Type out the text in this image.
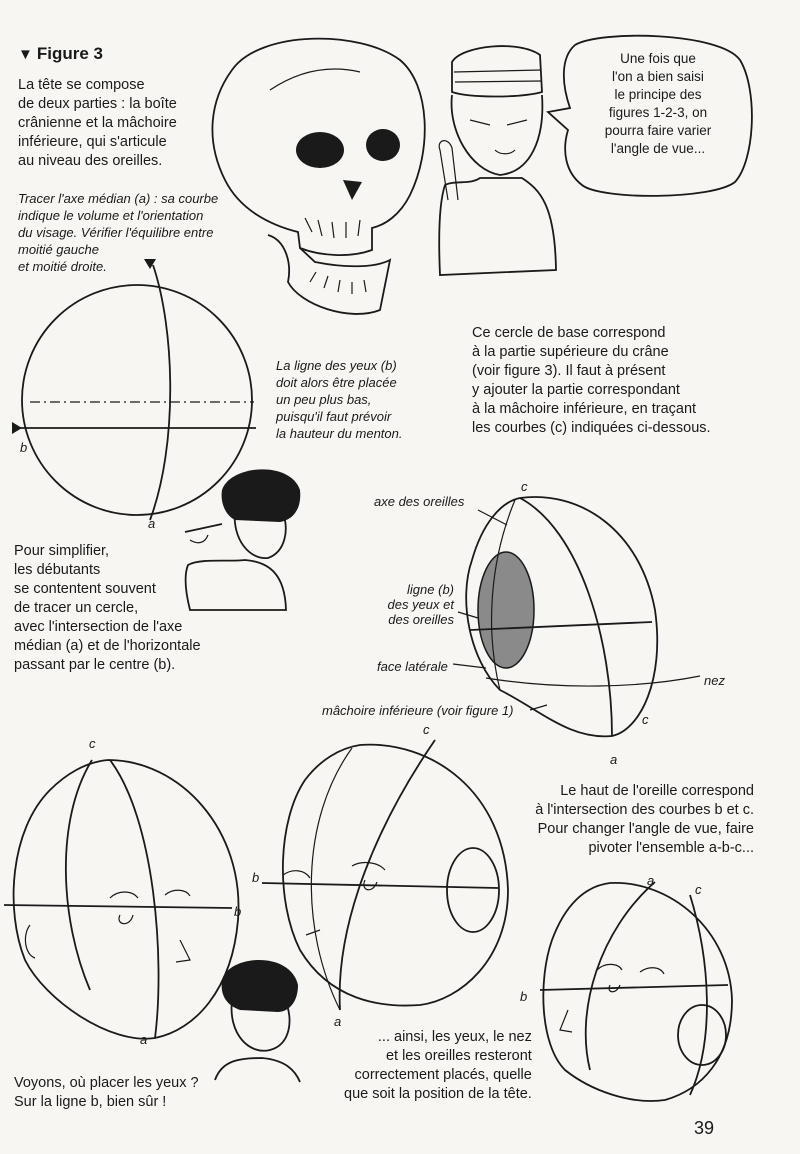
▼ Figure 3
La tête se compose
de deux parties : la boîte
crânienne et la mâchoire
inférieure, qui s'articule
au niveau des oreilles.
Une fois que
l'on a bien saisi
le principe des
figures 1-2-3, on
pourra faire varier
l'angle de vue...
Tracer l'axe médian (a) : sa courbe
indique le volume et l'orientation
du visage. Vérifier l'équilibre entre
moitié gauche
et moitié droite.
La ligne des yeux (b)
doit alors être placée
un peu plus bas,
puisqu'il faut prévoir
la hauteur du menton.
Ce cercle de base correspond
à la partie supérieure du crâne
(voir figure 3). Il faut à présent
y ajouter la partie correspondant
à la mâchoire inférieure, en traçant
les courbes (c) indiquées ci-dessous.
Pour simplifier,
les débutants
se contentent souvent
de tracer un cercle,
avec l'intersection de l'axe
médian (a) et de l'horizontale
passant par le centre (b).
b
a
axe des oreilles
c
ligne (b)
des yeux et
des oreilles
face latérale
nez
mâchoire inférieure (voir figure 1)
c
a
Le haut de l'oreille correspond
à l'intersection des courbes b et c.
Pour changer l'angle de vue, faire
pivoter l'ensemble a-b-c...
c
b
a
c
b
a
a
c
b
... ainsi, les yeux, le nez
et les oreilles resteront
correctement placés, quelle
que soit la position de la tête.
Voyons, où placer les yeux ?
Sur la ligne b, bien sûr !
39
